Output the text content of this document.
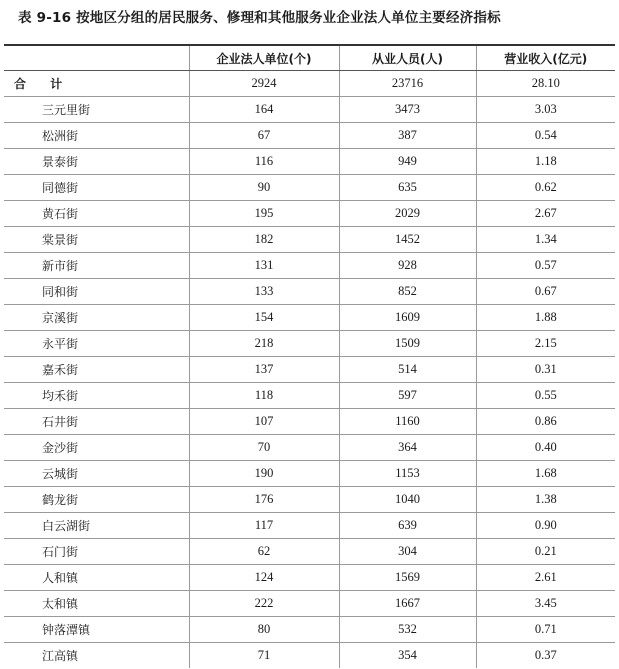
表 9-16 按地区分组的居民服务、修理和其他服务业企业法人单位主要经济指标
	企业法人单位(个)	从业人员(人)	营业收入(亿元)
合 计	2924	23716	28.10
三元里街	164	3473	3.03
松洲街	67	387	0.54
景泰街	116	949	1.18
同德街	90	635	0.62
黄石街	195	2029	2.67
棠景街	182	1452	1.34
新市街	131	928	0.57
同和街	133	852	0.67
京溪街	154	1609	1.88
永平街	218	1509	2.15
嘉禾街	137	514	0.31
均禾街	118	597	0.55
石井街	107	1160	0.86
金沙街	70	364	0.40
云城街	190	1153	1.68
鹤龙街	176	1040	1.38
白云湖街	117	639	0.90
石门街	62	304	0.21
人和镇	124	1569	2.61
太和镇	222	1667	3.45
钟落潭镇	80	532	0.71
江高镇	71	354	0.37
